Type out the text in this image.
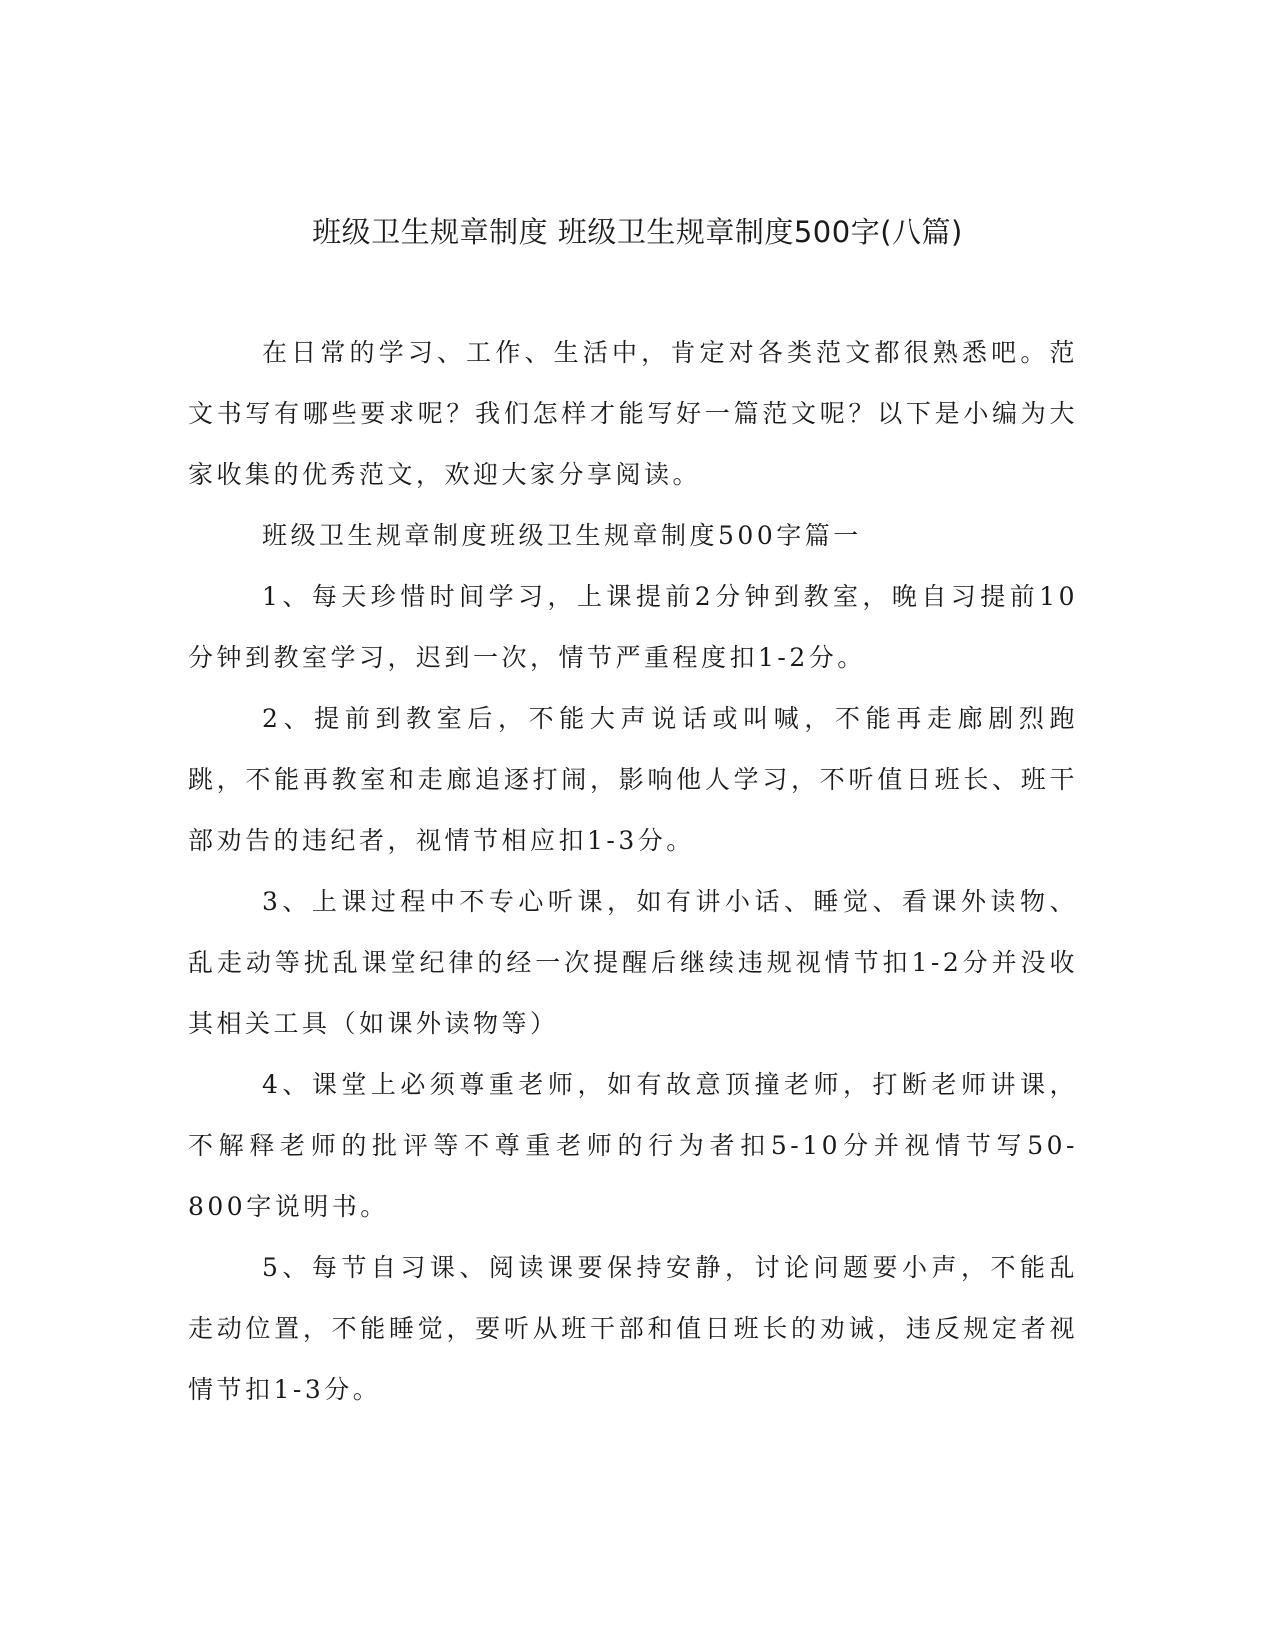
班级卫生规章制度 班级卫生规章制度500字(八篇)

在日常的学习、工作、生活中，肯定对各类范文都很熟悉吧。范文书写有哪些要求呢？我们怎样才能写好一篇范文呢？以下是小编为大家收集的优秀范文，欢迎大家分享阅读。

班级卫生规章制度班级卫生规章制度500字篇一

1、每天珍惜时间学习，上课提前2分钟到教室，晚自习提前10分钟到教室学习，迟到一次，情节严重程度扣1-2分。

2、提前到教室后，不能大声说话或叫喊，不能再走廊剧烈跑跳，不能再教室和走廊追逐打闹，影响他人学习，不听值日班长、班干部劝告的违纪者，视情节相应扣1-3分。

3、上课过程中不专心听课，如有讲小话、睡觉、看课外读物、乱走动等扰乱课堂纪律的经一次提醒后继续违规视情节扣1-2分并没收其相关工具（如课外读物等）

4、课堂上必须尊重老师，如有故意顶撞老师，打断老师讲课，不解释老师的批评等不尊重老师的行为者扣5-10分并视情节写50-800字说明书。

5、每节自习课、阅读课要保持安静，讨论问题要小声，不能乱走动位置，不能睡觉，要听从班干部和值日班长的劝诫，违反规定者视情节扣1-3分。
